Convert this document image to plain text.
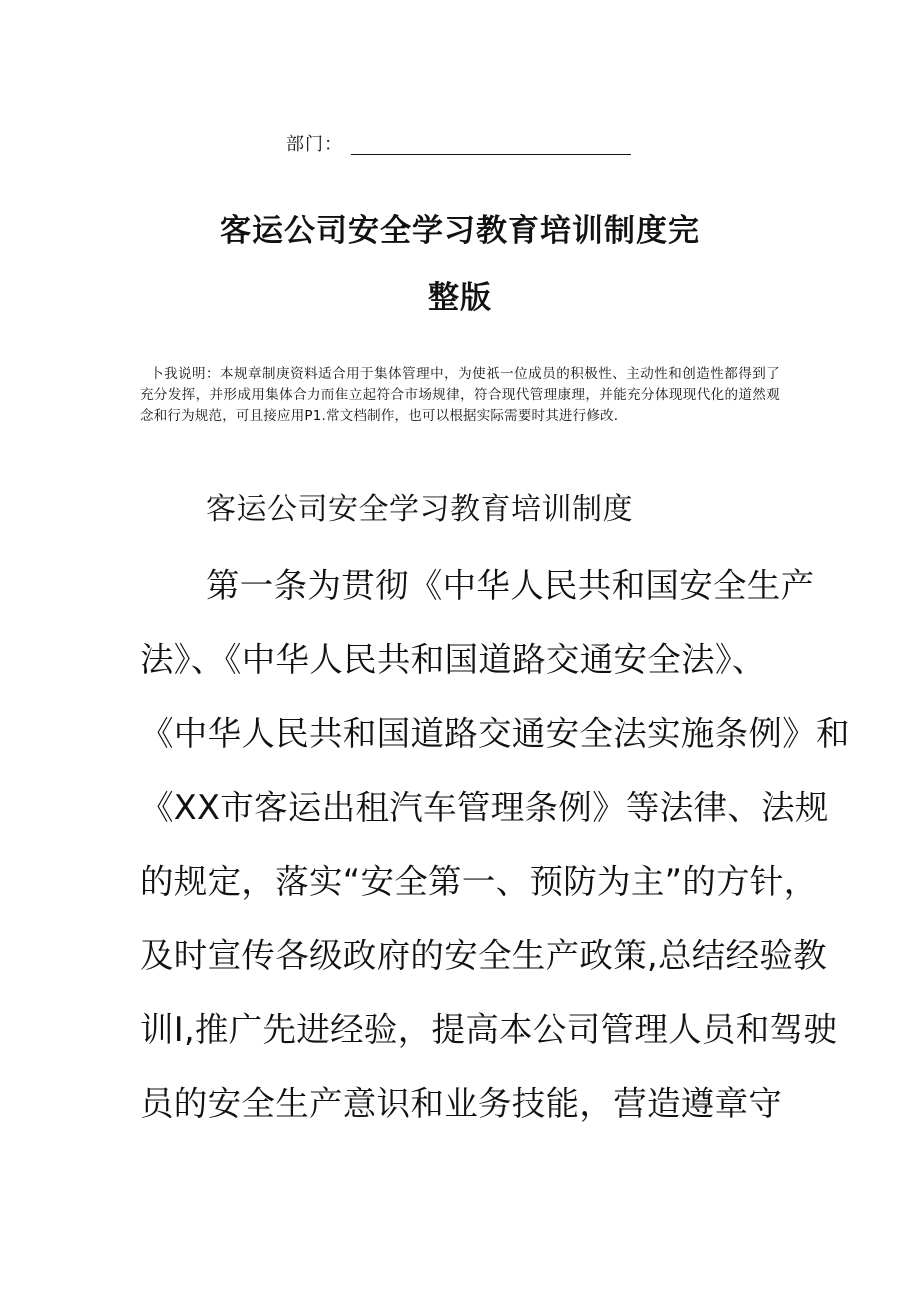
部门：
客运公司安全学习教育培训制度完
整版
卜我说明：本规章制庚资料适合用于集体管理中，为使祇一位成员的积极性、主动性和创造性都得到了充分发挥，并形成用集体合力而隹立起符合市场规律，符合现代管理康理，并能充分体现现代化的道然观念和行为规范，可且接应用P1.常文档制作，也可以根据实际需要时其进行修改.
客运公司安全学习教育培训制度
第一条为贯彻《中华人民共和国安全生产
法》、《中华人民共和国道路交通安全法》、
《中华人民共和国道路交通安全法实施条例》和
《XX市客运出租汽车管理条例》等法律、法规
的规定，落实“安全第一、预防为主”的方针，
及时宣传各级政府的安全生产政策,总结经验教
训I,推广先进经验，提高本公司管理人员和驾驶
员的安全生产意识和业务技能，营造遵章守
